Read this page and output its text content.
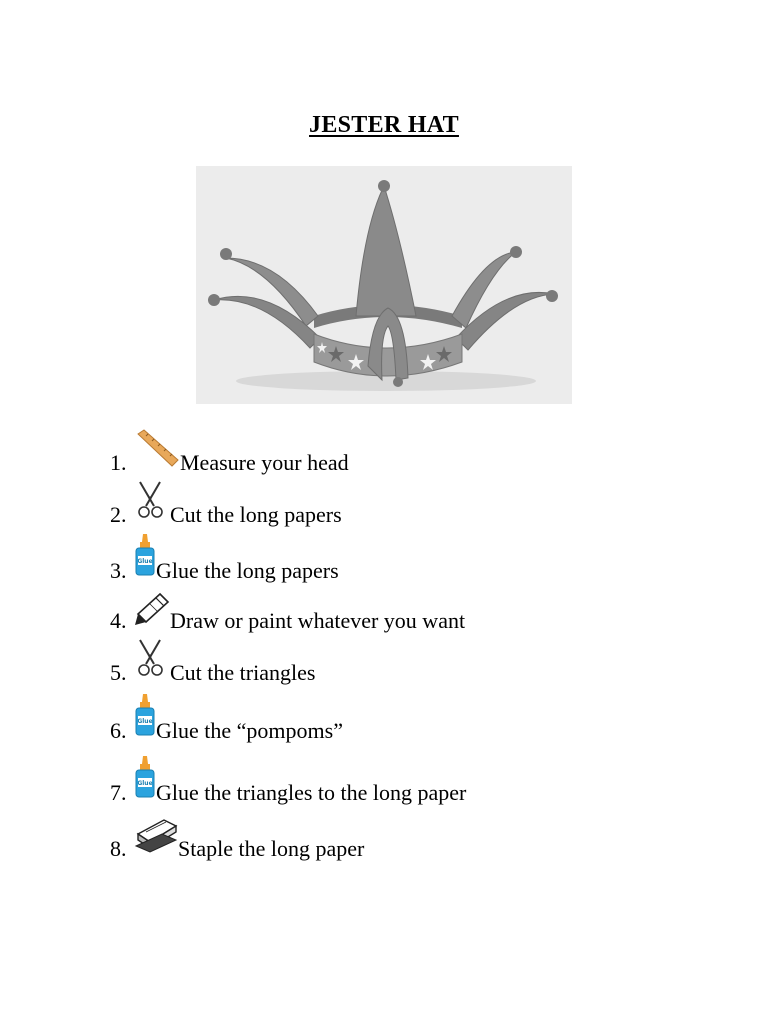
JESTER HAT
1. Measure your head
2. Cut the long papers
3. Glue Glue the long papers
4. Draw or paint whatever you want
5. Cut the triangles
6. Glue Glue the “pompoms”
7. Glue Glue the triangles to the long paper
8. Staple the long paper
